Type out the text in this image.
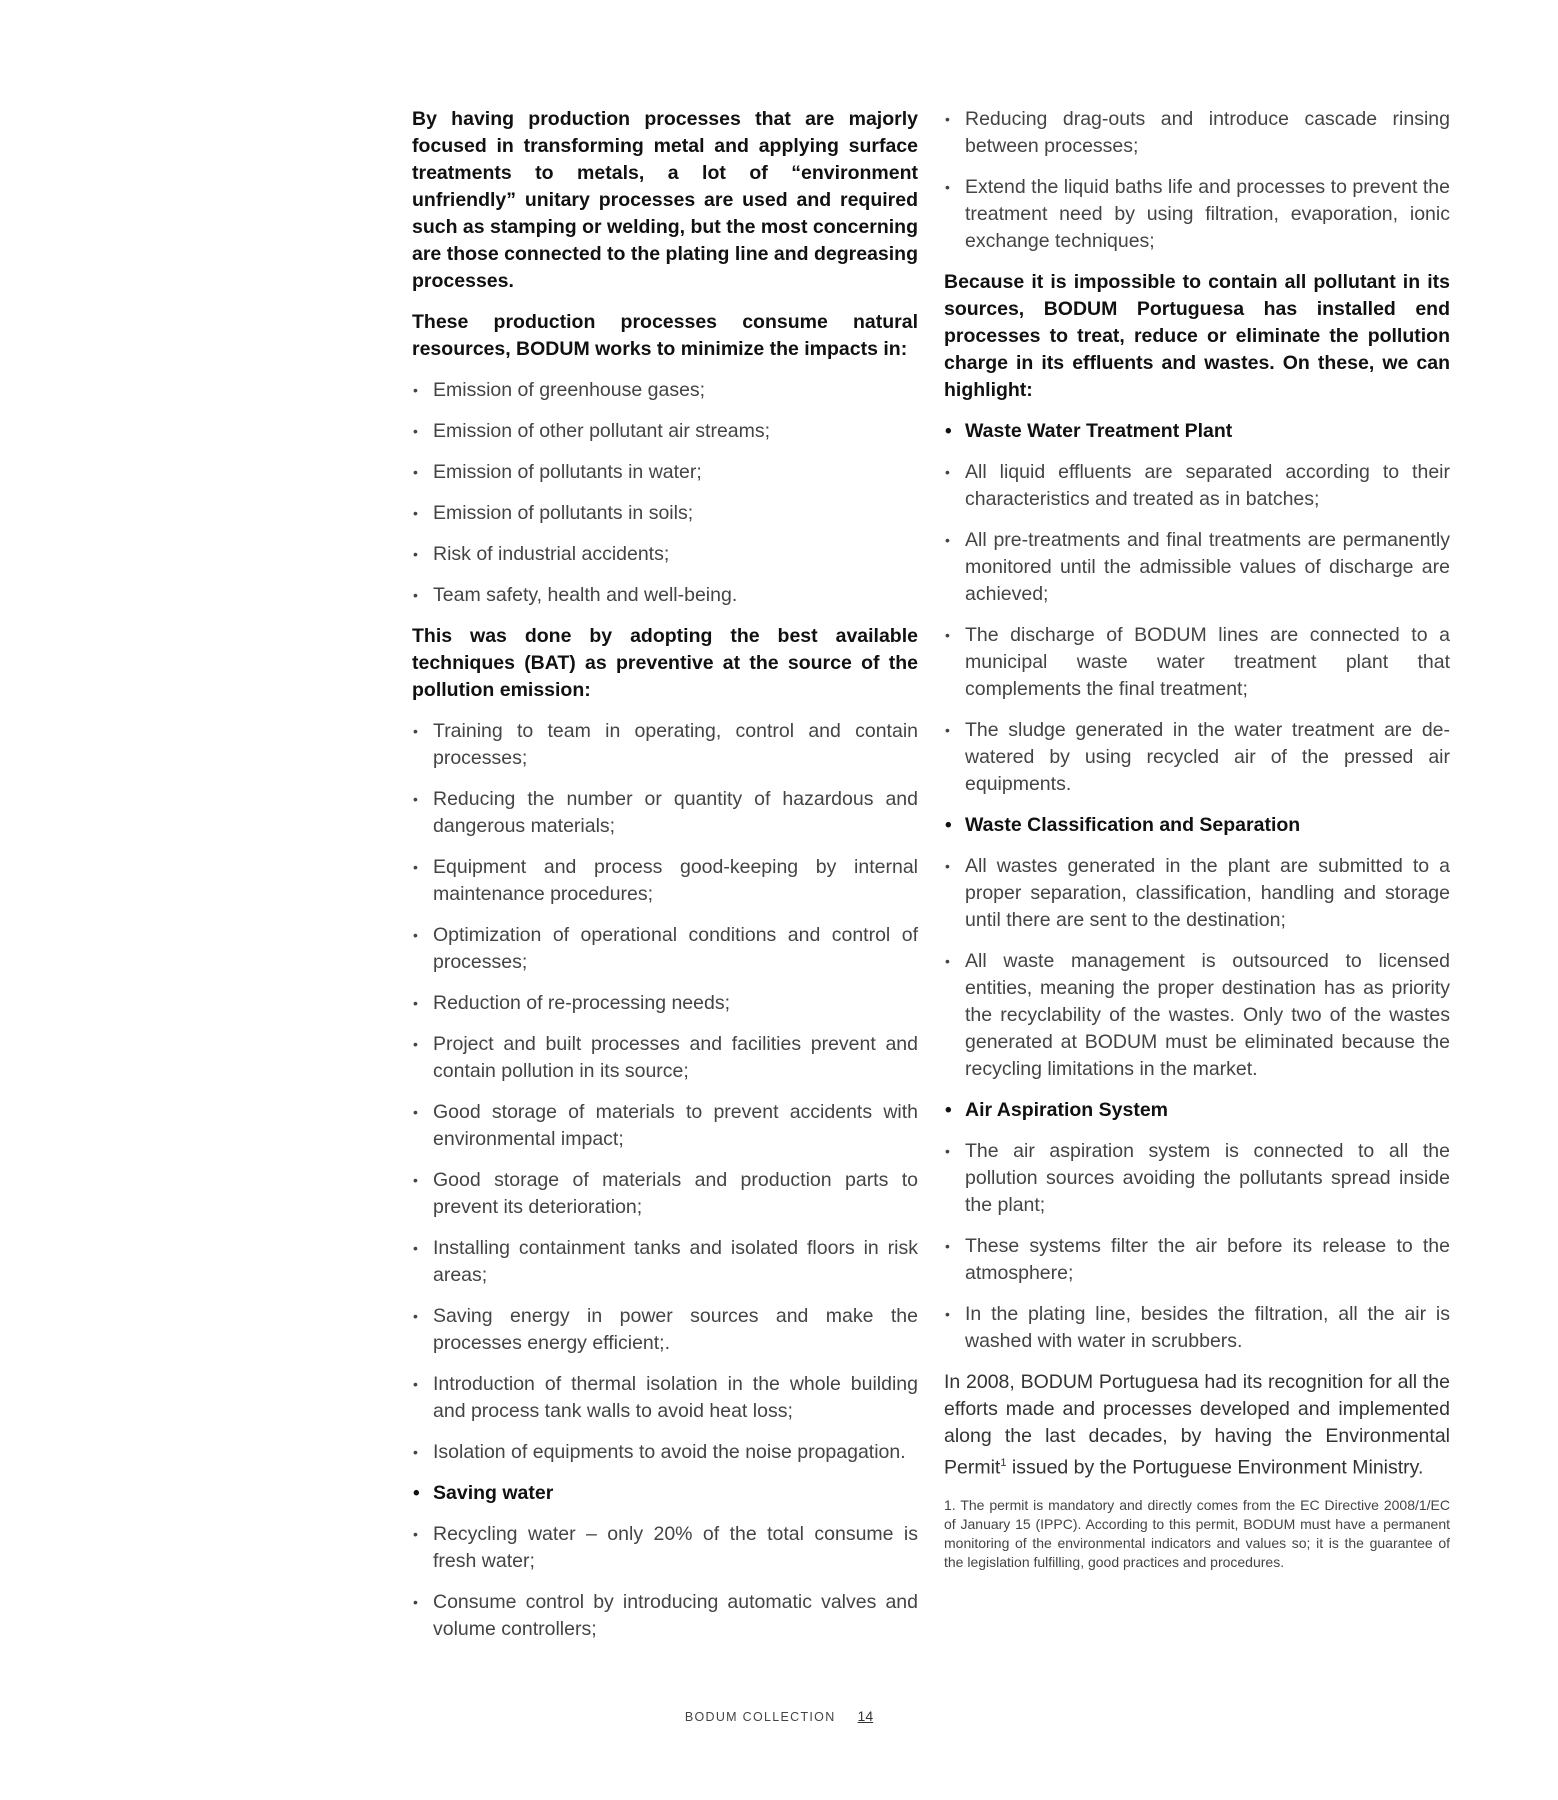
By having production processes that are majorly focused in transforming metal and applying surface treatments to metals, a lot of “environment unfriendly” unitary processes are used and required such as stamping or welding, but the most concerning are those connected to the plating line and degreasing processes.

These production processes consume natural resources, BODUM works to minimize the impacts in:

• Emission of greenhouse gases;
• Emission of other pollutant air streams;
• Emission of pollutants in water;
• Emission of pollutants in soils;
• Risk of industrial accidents;
• Team safety, health and well-being.

This was done by adopting the best available techniques (BAT) as preventive at the source of the pollution emission:

• Training to team in operating, control and contain processes;
• Reducing the number or quantity of hazardous and dangerous materials;
• Equipment and process good-keeping by internal maintenance procedures;
• Optimization of operational conditions and control of processes;
• Reduction of re-processing needs;
• Project and built processes and facilities prevent and contain pollution in its source;
• Good storage of materials to prevent accidents with environmental impact;
• Good storage of materials and production parts to prevent its deterioration;
• Installing containment tanks and isolated floors in risk areas;
• Saving energy in power sources and make the processes energy efficient;.
• Introduction of thermal isolation in the whole building and process tank walls to avoid heat loss;
• Isolation of equipments to avoid the noise propagation.
• Saving water
• Recycling water – only 20% of the total consume is fresh water;
• Consume control by introducing automatic valves and volume controllers;
• Reducing drag-outs and introduce cascade rinsing between processes;
• Extend the liquid baths life and processes to prevent the treatment need by using filtration, evaporation, ionic exchange techniques;

Because it is impossible to contain all pollutant in its sources, BODUM Portuguesa has installed end processes to treat, reduce or eliminate the pollution charge in its effluents and wastes. On these, we can highlight:

• Waste Water Treatment Plant
• All liquid effluents are separated according to their characteristics and treated as in batches;
• All pre-treatments and final treatments are permanently monitored until the admissible values of discharge are achieved;
• The discharge of BODUM lines are connected to a municipal waste water treatment plant that complements the final treatment;
• The sludge generated in the water treatment are de-watered by using recycled air of the pressed air equipments.
• Waste Classification and Separation
• All wastes generated in the plant are submitted to a proper separation, classification, handling and storage until there are sent to the destination;
• All waste management is outsourced to licensed entities, meaning the proper destination has as priority the recyclability of the wastes. Only two of the wastes generated at BODUM must be eliminated because the recycling limitations in the market.
• Air Aspiration System
• The air aspiration system is connected to all the pollution sources avoiding the pollutants spread inside the plant;
• These systems filter the air before its release to the atmosphere;
• In the plating line, besides the filtration, all the air is washed with water in scrubbers.

In 2008, BODUM Portuguesa had its recognition for all the efforts made and processes developed and implemented along the last decades, by having the Environmental Permit$^1$ issued by the Portuguese Environment Ministry.

1. The permit is mandatory and directly comes from the EC Directive 2008/1/EC of January 15 (IPPC). According to this permit, BODUM must have a permanent monitoring of the environmental indicators and values so; it is the guarantee of the legislation fulfilling, good practices and procedures.
BODUM COLLECTION 14
